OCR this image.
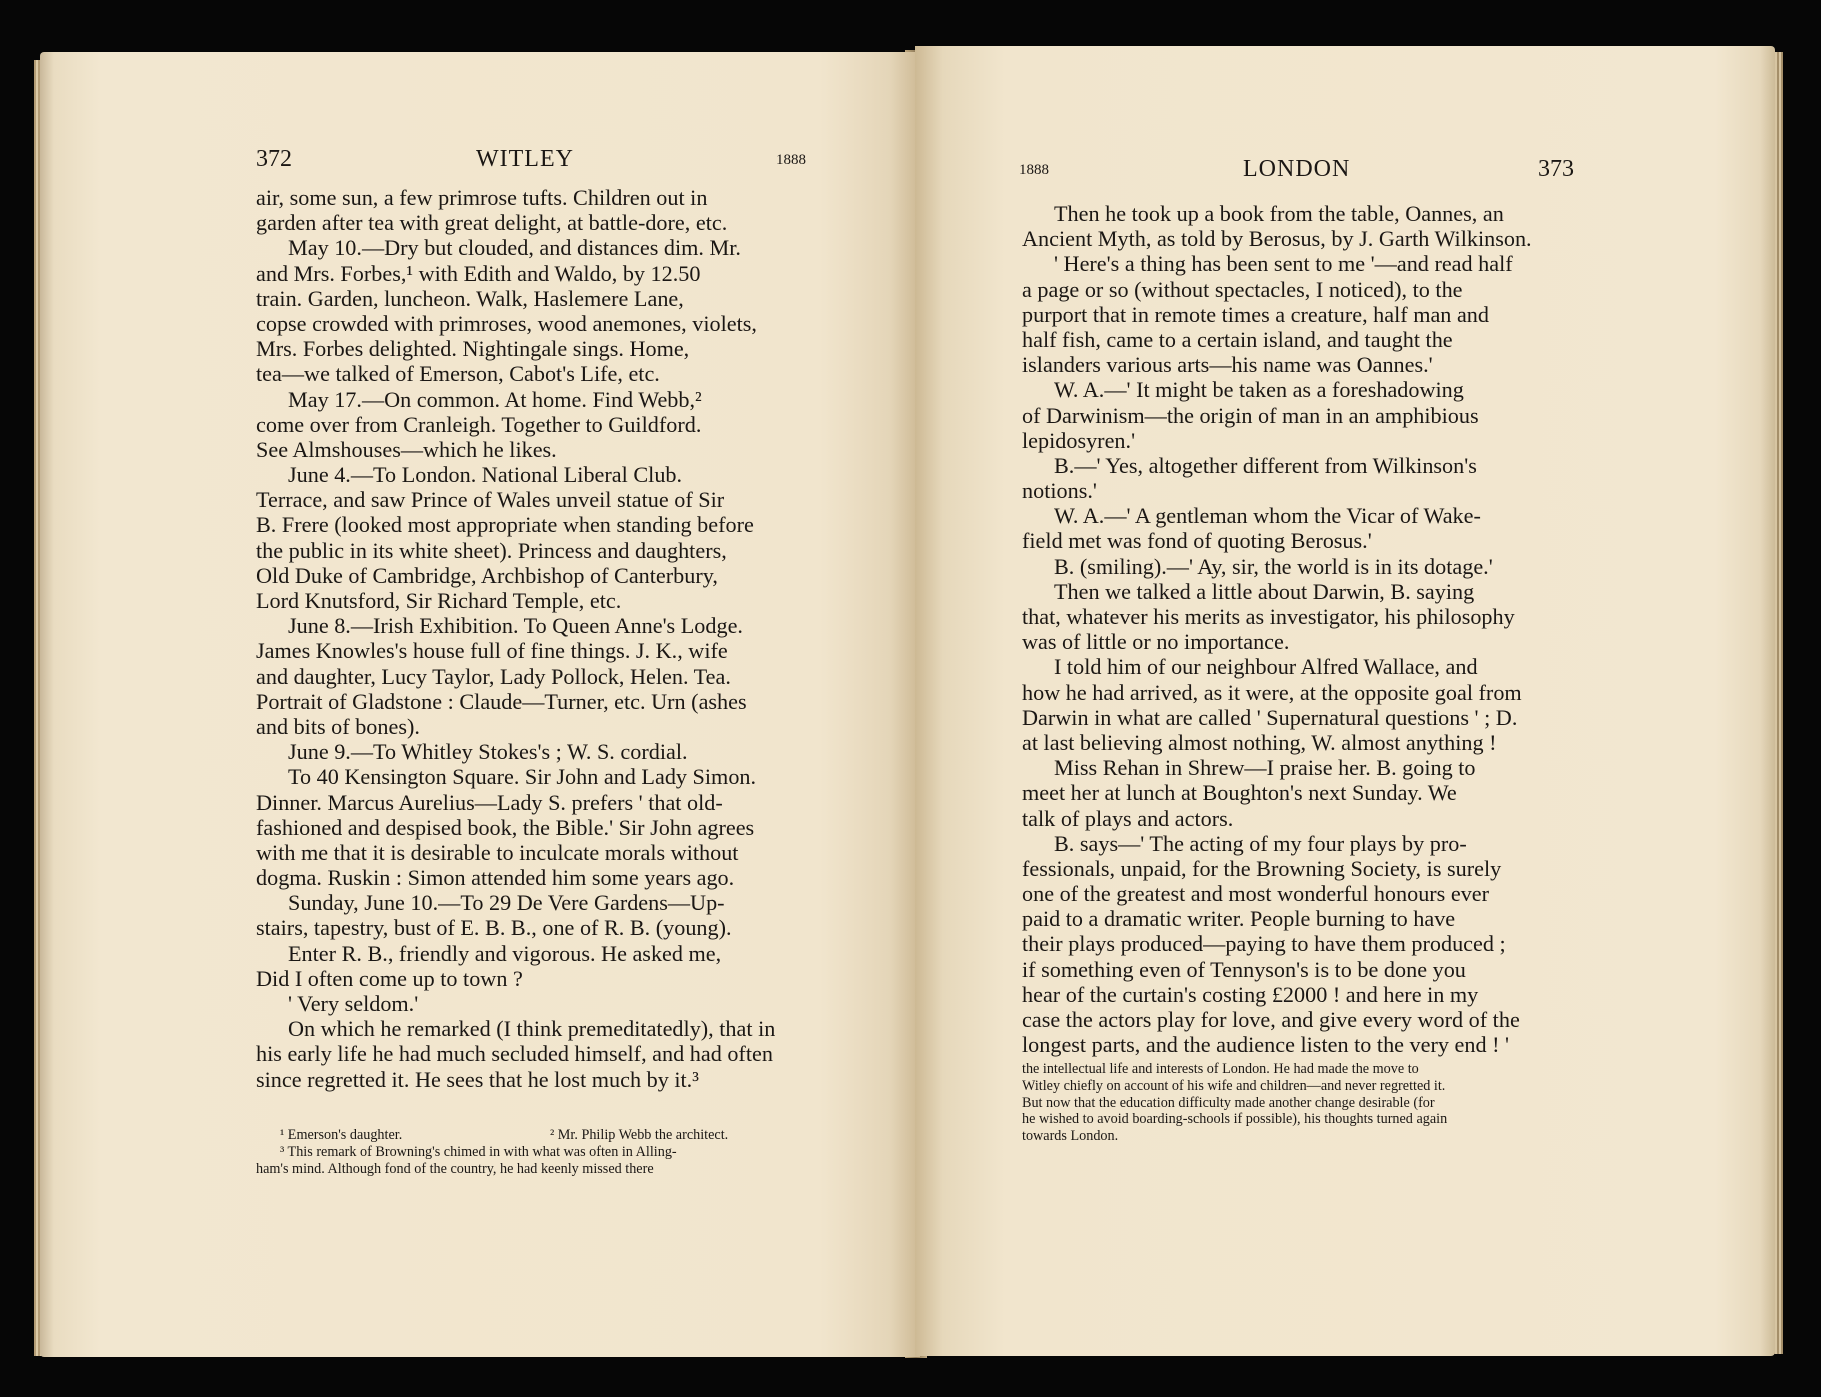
372	WITLEY	1888
air, some sun, a few primrose tufts. Children out in
garden after tea with great delight, at battle-dore, etc.
May 10.—Dry but clouded, and distances dim. Mr.
and Mrs. Forbes,¹ with Edith and Waldo, by 12.50
train. Garden, luncheon. Walk, Haslemere Lane,
copse crowded with primroses, wood anemones, violets,
Mrs. Forbes delighted. Nightingale sings. Home,
tea—we talked of Emerson, Cabot's Life, etc.
May 17.—On common. At home. Find Webb,²
come over from Cranleigh. Together to Guildford.
See Almshouses—which he likes.
June 4.—To London. National Liberal Club.
Terrace, and saw Prince of Wales unveil statue of Sir
B. Frere (looked most appropriate when standing before
the public in its white sheet). Princess and daughters,
Old Duke of Cambridge, Archbishop of Canterbury,
Lord Knutsford, Sir Richard Temple, etc.
June 8.—Irish Exhibition. To Queen Anne's Lodge.
James Knowles's house full of fine things. J. K., wife
and daughter, Lucy Taylor, Lady Pollock, Helen. Tea.
Portrait of Gladstone : Claude—Turner, etc. Urn (ashes
and bits of bones).
June 9.—To Whitley Stokes's ; W. S. cordial.
To 40 Kensington Square. Sir John and Lady Simon.
Dinner. Marcus Aurelius—Lady S. prefers ' that old-
fashioned and despised book, the Bible.' Sir John agrees
with me that it is desirable to inculcate morals without
dogma. Ruskin : Simon attended him some years ago.
Sunday, June 10.—To 29 De Vere Gardens—Up-
stairs, tapestry, bust of E. B. B., one of R. B. (young).
Enter R. B., friendly and vigorous. He asked me,
Did I often come up to town ?
' Very seldom.'
On which he remarked (I think premeditatedly), that in
his early life he had much secluded himself, and had often
since regretted it. He sees that he lost much by it.³
¹ Emerson's daughter.	² Mr. Philip Webb the architect.
³ This remark of Browning's chimed in with what was often in Alling-
ham's mind. Although fond of the country, he had keenly missed there
1888	LONDON	373
Then he took up a book from the table, Oannes, an
Ancient Myth, as told by Berosus, by J. Garth Wilkinson.
' Here's a thing has been sent to me '—and read half
a page or so (without spectacles, I noticed), to the
purport that in remote times a creature, half man and
half fish, came to a certain island, and taught the
islanders various arts—his name was Oannes.'
W. A.—' It might be taken as a foreshadowing
of Darwinism—the origin of man in an amphibious
lepidosyren.'
B.—' Yes, altogether different from Wilkinson's
notions.'
W. A.—' A gentleman whom the Vicar of Wake-
field met was fond of quoting Berosus.'
B. (smiling).—' Ay, sir, the world is in its dotage.'
Then we talked a little about Darwin, B. saying
that, whatever his merits as investigator, his philosophy
was of little or no importance.
I told him of our neighbour Alfred Wallace, and
how he had arrived, as it were, at the opposite goal from
Darwin in what are called ' Supernatural questions ' ; D.
at last believing almost nothing, W. almost anything !
Miss Rehan in Shrew—I praise her. B. going to
meet her at lunch at Boughton's next Sunday. We
talk of plays and actors.
B. says—' The acting of my four plays by pro-
fessionals, unpaid, for the Browning Society, is surely
one of the greatest and most wonderful honours ever
paid to a dramatic writer. People burning to have
their plays produced—paying to have them produced ;
if something even of Tennyson's is to be done you
hear of the curtain's costing £2000 ! and here in my
case the actors play for love, and give every word of the
longest parts, and the audience listen to the very end ! '
the intellectual life and interests of London. He had made the move to
Witley chiefly on account of his wife and children—and never regretted it.
But now that the education difficulty made another change desirable (for
he wished to avoid boarding-schools if possible), his thoughts turned again
towards London.
